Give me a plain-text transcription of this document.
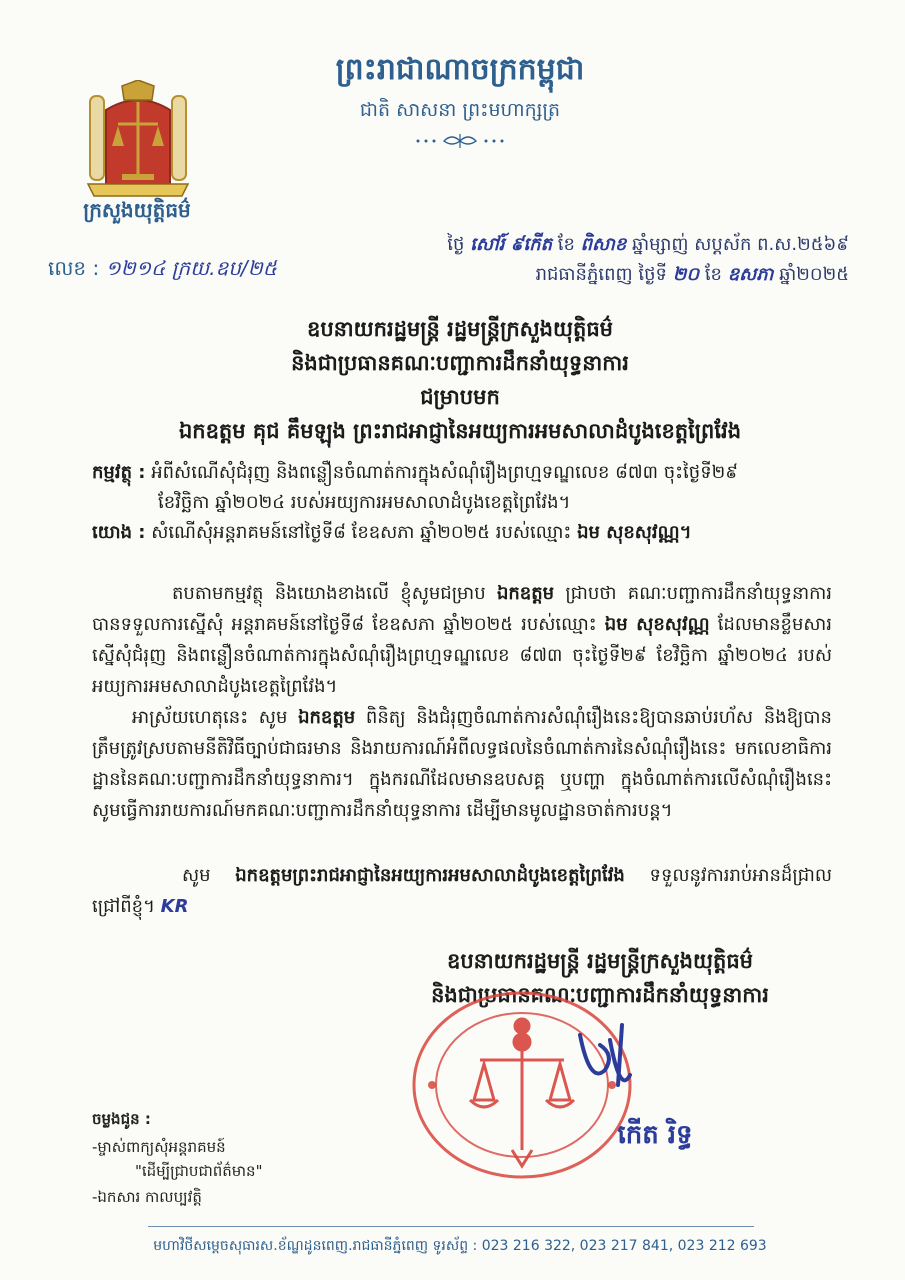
ព្រះរាជាណាចក្រកម្ពុជា
ជាតិ សាសនា ព្រះមហាក្សត្រ
ក្រសួងយុត្តិធម៌
លេខ : ១២១៤ ក្រយ.ឧប/២៥
ថ្ងៃ សៅរ៍ ៩កើត ខែ ពិសាខ ឆ្នាំម្សាញ់ សប្តស័ក ព.ស.២៥៦៩
រាជធានីភ្នំពេញ ថ្ងៃទី ២០ ខែ ឧសភា ឆ្នាំ២០២៥
ឧបនាយករដ្ឋមន្ត្រី រដ្ឋមន្ត្រីក្រសួងយុត្តិធម៌
និងជាប្រធានគណៈបញ្ជាការដឹកនាំយុទ្ធនាការ
ជម្រាបមក
ឯកឧត្តម គុជ គឹមឡុង ព្រះរាជអាជ្ញានៃអយ្យការអមសាលាដំបូងខេត្តព្រៃវែង
កម្មវត្ថុ : អំពីសំណើសុំជំរុញ និងពន្លឿនចំណាត់ការក្នុងសំណុំរឿងព្រហ្មទណ្ឌលេខ ៨៧៣ ចុះថ្ងៃទី២៩
ខែវិច្ឆិកា ឆ្នាំ២០២៤ របស់អយ្យការអមសាលាដំបូងខេត្តព្រៃវែង។
យោង : សំណើសុំអន្តរាគមន៍នៅថ្ងៃទី៨ ខែឧសភា ឆ្នាំ២០២៥ របស់ឈ្មោះ ឯម សុខសុវណ្ណ។
តបតាមកម្មវត្ថុ និងយោងខាងលើ ខ្ញុំសូមជម្រាប ឯកឧត្តម ជ្រាបថា គណៈបញ្ជាការដឹកនាំយុទ្ធនាការ បានទទួលការស្នើសុំ អន្តរាគមន៍នៅថ្ងៃទី៨ ខែឧសភា ឆ្នាំ២០២៥ របស់ឈ្មោះ ឯម សុខសុវណ្ណ ដែលមានខ្លឹមសារស្នើសុំជំរុញ និងពន្លឿនចំណាត់ការក្នុងសំណុំរឿងព្រហ្មទណ្ឌលេខ ៨៧៣ ចុះថ្ងៃទី២៩ ខែវិច្ឆិកា ឆ្នាំ២០២៤ របស់អយ្យការអមសាលាដំបូងខេត្តព្រៃវែង។
អាស្រ័យហេតុនេះ សូម ឯកឧត្តម ពិនិត្យ និងជំរុញចំណាត់ការសំណុំរឿងនេះឱ្យបានឆាប់រហ័ស និងឱ្យបានត្រឹមត្រូវស្របតាមនីតិវិធីច្បាប់ជាធរមាន និងរាយការណ៍អំពីលទ្ធផលនៃចំណាត់ការនៃសំណុំរឿងនេះ មកលេខាធិការដ្ឋាននៃគណៈបញ្ជាការដឹកនាំយុទ្ធនាការ។ ក្នុងករណីដែលមានឧបសគ្គ ឬបញ្ហា ក្នុងចំណាត់ការលើសំណុំរឿងនេះ សូមធ្វើការរាយការណ៍មកគណៈបញ្ជាការដឹកនាំយុទ្ធនាការ ដើម្បីមានមូលដ្ឋានចាត់ការបន្ត។
សូម ឯកឧត្តមព្រះរាជអាជ្ញានៃអយ្យការអមសាលាដំបូងខេត្តព្រៃវែង ទទួលនូវការរាប់អានដ៏ជ្រាលជ្រៅពីខ្ញុំ។ KR
ឧបនាយករដ្ឋមន្ត្រី រដ្ឋមន្ត្រីក្រសួងយុត្តិធម៌
និងជាប្រធានគណៈបញ្ជាការដឹកនាំយុទ្ធនាការ
កើត រិទ្ធ
ចម្លងជូន :
-ម្ចាស់ពាក្យសុំអន្តរាគមន៍
"ដើម្បីជ្រាបជាព័ត៌មាន"
-ឯកសារ កាលប្បវត្តិ
មហាវិថីសម្ដេចសុធារស.ខ័ណ្ឌដូនពេញ.រាជធានីភ្នំពេញ ទូរស័ព្ទ : 023 216 322, 023 217 841, 023 212 693
